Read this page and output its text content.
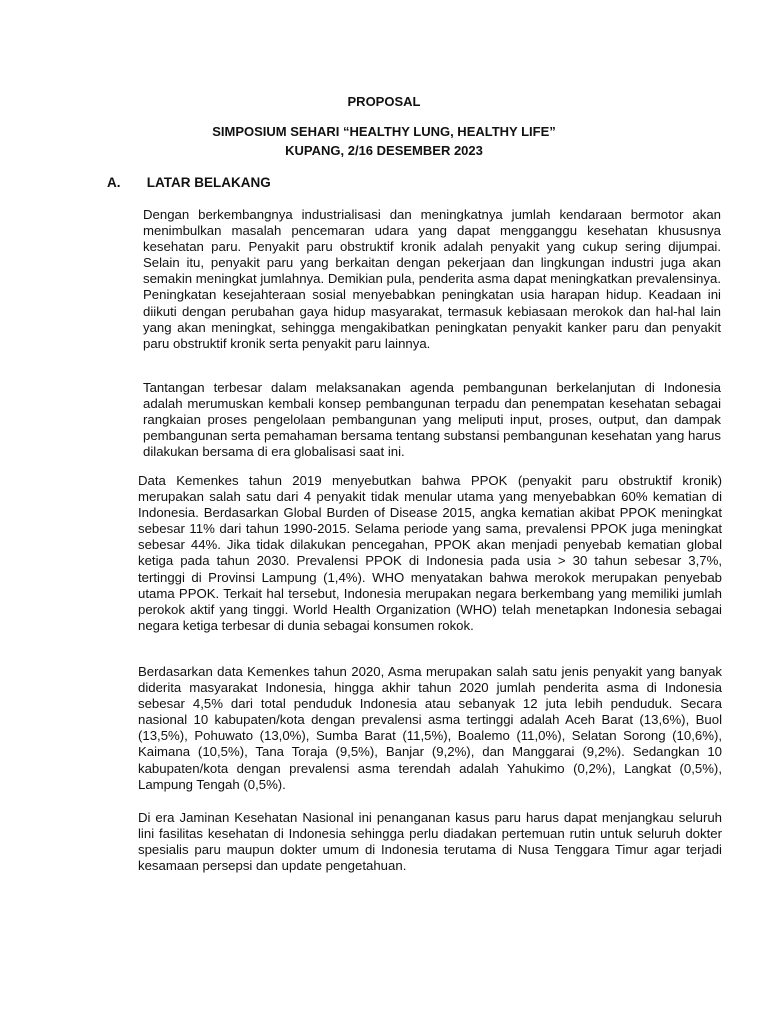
PROPOSAL
SIMPOSIUM SEHARI “HEALTHY LUNG, HEALTHY LIFE”
KUPANG, 2/16 DESEMBER 2023
A. LATAR BELAKANG

Dengan berkembangnya industrialisasi dan meningkatnya jumlah kendaraan bermotor akan menimbulkan masalah pencemaran udara yang dapat mengganggu kesehatan khususnya kesehatan paru. Penyakit paru obstruktif kronik adalah penyakit yang cukup sering dijumpai. Selain itu, penyakit paru yang berkaitan dengan pekerjaan dan lingkungan industri juga akan semakin meningkat jumlahnya. Demikian pula, penderita asma dapat meningkatkan prevalensinya. Peningkatan kesejahteraan sosial menyebabkan peningkatan usia harapan hidup. Keadaan ini diikuti dengan perubahan gaya hidup masyarakat, termasuk kebiasaan merokok dan hal-hal lain yang akan meningkat, sehingga mengakibatkan peningkatan penyakit kanker paru dan penyakit paru obstruktif kronik serta penyakit paru lainnya.

Tantangan terbesar dalam melaksanakan agenda pembangunan berkelanjutan di Indonesia adalah merumuskan kembali konsep pembangunan terpadu dan penempatan kesehatan sebagai rangkaian proses pengelolaan pembangunan yang meliputi input, proses, output, dan dampak pembangunan serta pemahaman bersama tentang substansi pembangunan kesehatan yang harus dilakukan bersama di era globalisasi saat ini.

Data Kemenkes tahun 2019 menyebutkan bahwa PPOK (penyakit paru obstruktif kronik) merupakan salah satu dari 4 penyakit tidak menular utama yang menyebabkan 60% kematian di Indonesia. Berdasarkan Global Burden of Disease 2015, angka kematian akibat PPOK meningkat sebesar 11% dari tahun 1990-2015. Selama periode yang sama, prevalensi PPOK juga meningkat sebesar 44%. Jika tidak dilakukan pencegahan, PPOK akan menjadi penyebab kematian global ketiga pada tahun 2030. Prevalensi PPOK di Indonesia pada usia > 30 tahun sebesar 3,7%, tertinggi di Provinsi Lampung (1,4%). WHO menyatakan bahwa merokok merupakan penyebab utama PPOK. Terkait hal tersebut, Indonesia merupakan negara berkembang yang memiliki jumlah perokok aktif yang tinggi. World Health Organization (WHO) telah menetapkan Indonesia sebagai negara ketiga terbesar di dunia sebagai konsumen rokok.

Berdasarkan data Kemenkes tahun 2020, Asma merupakan salah satu jenis penyakit yang banyak diderita masyarakat Indonesia, hingga akhir tahun 2020 jumlah penderita asma di Indonesia sebesar 4,5% dari total penduduk Indonesia atau sebanyak 12 juta lebih penduduk. Secara nasional 10 kabupaten/kota dengan prevalensi asma tertinggi adalah Aceh Barat (13,6%), Buol (13,5%), Pohuwato (13,0%), Sumba Barat (11,5%), Boalemo (11,0%), Selatan Sorong (10,6%), Kaimana (10,5%), Tana Toraja (9,5%), Banjar (9,2%), dan Manggarai (9,2%). Sedangkan 10 kabupaten/kota dengan prevalensi asma terendah adalah Yahukimo (0,2%), Langkat (0,5%), Lampung Tengah (0,5%).

Di era Jaminan Kesehatan Nasional ini penanganan kasus paru harus dapat menjangkau seluruh lini fasilitas kesehatan di Indonesia sehingga perlu diadakan pertemuan rutin untuk seluruh dokter spesialis paru maupun dokter umum di Indonesia terutama di Nusa Tenggara Timur agar terjadi kesamaan persepsi dan update pengetahuan.
